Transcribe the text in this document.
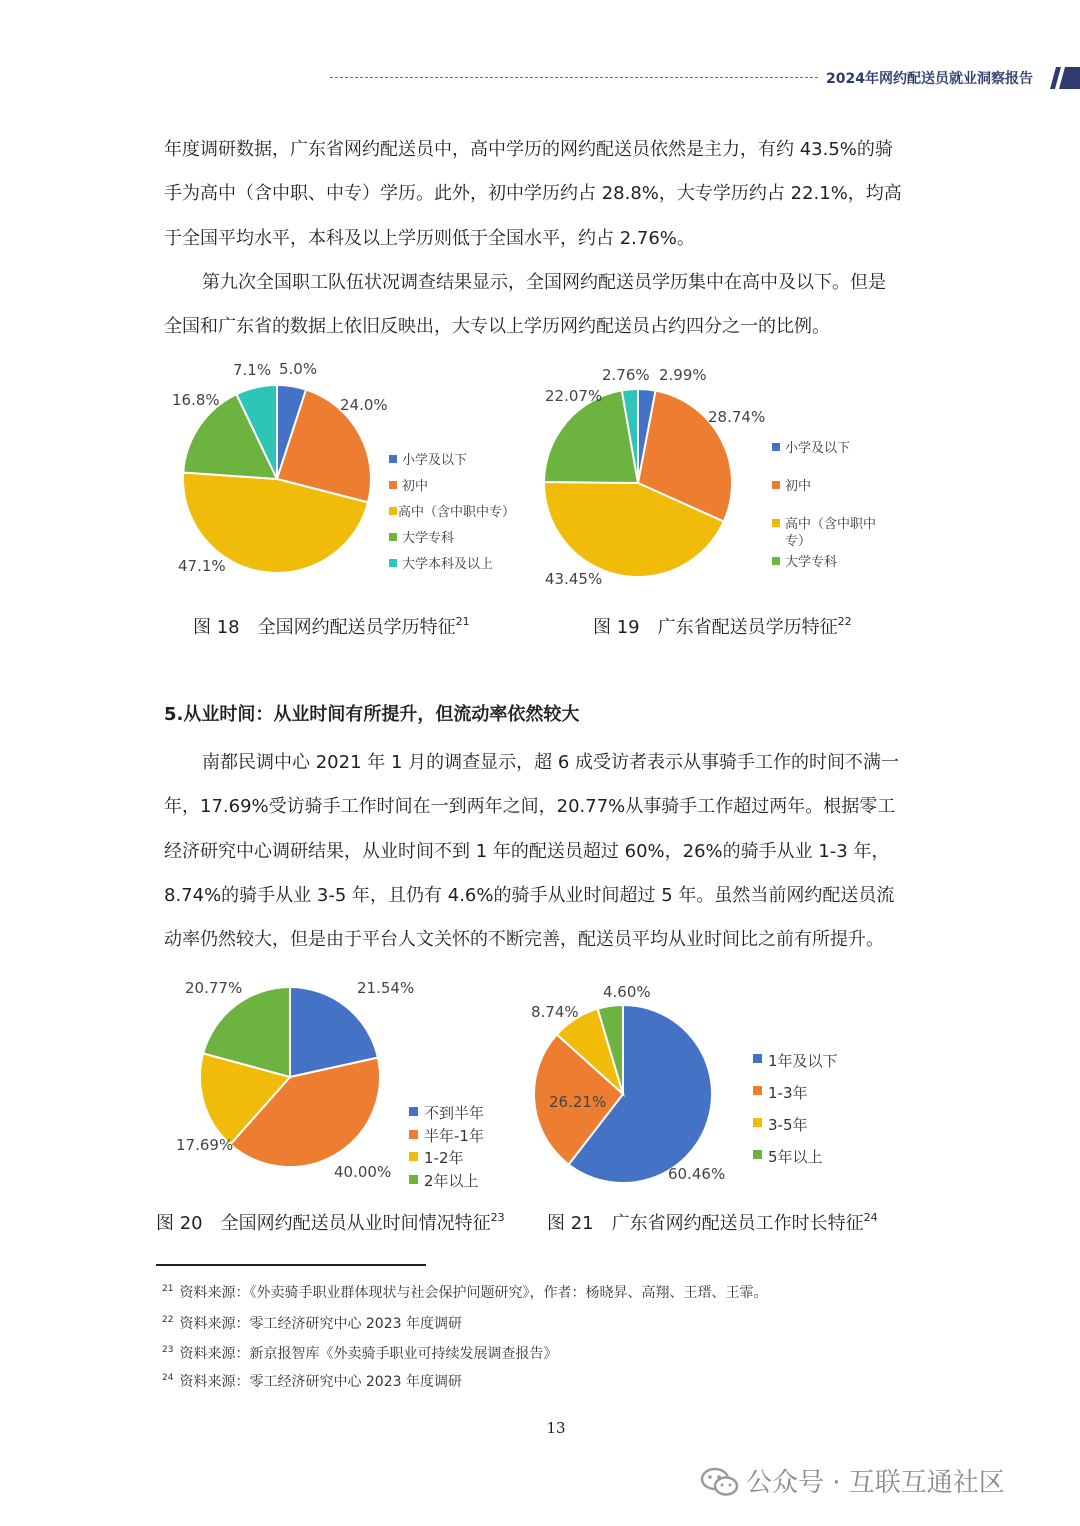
2024年网约配送员就业洞察报告
年度调研数据，广东省网约配送员中，高中学历的网约配送员依然是主力，有约 43.5%的骑
手为高中（含中职、中专）学历。此外，初中学历约占 28.8%，大专学历约占 22.1%，均高
于全国平均水平，本科及以上学历则低于全国水平，约占 2.76%。
第九次全国职工队伍状况调查结果显示，全国网约配送员学历集中在高中及以下。但是
全国和广东省的数据上依旧反映出，大专以上学历网约配送员占约四分之一的比例。
5.0%
24.0%
47.1%
16.8%
7.1%
小学及以下
初中
高中（含中职中专）
大学专科
大学本科及以上
2.99%
28.74%
43.45%
22.07%
2.76%
小学及以下
初中
高中（含中职中
专）
大学专科
图 18　全国网约配送员学历特征$^{21}$	图 19　广东省配送员学历特征$^{22}$
5.从业时间：从业时间有所提升，但流动率依然较大
南都民调中心 2021 年 1 月的调查显示，超 6 成受访者表示从事骑手工作的时间不满一
年，17.69%受访骑手工作时间在一到两年之间，20.77%从事骑手工作超过两年。根据零工
经济研究中心调研结果，从业时间不到 1 年的配送员超过 60%，26%的骑手从业 1-3 年，
8.74%的骑手从业 3-5 年，且仍有 4.6%的骑手从业时间超过 5 年。虽然当前网约配送员流
动率仍然较大，但是由于平台人文关怀的不断完善，配送员平均从业时间比之前有所提升。
21.54%
40.00%
17.69%
20.77%
不到半年
半年-1年
1-2年
2年以上	60.46%
26.21%
8.74%
4.60%
1年及以下
1-3年
3-5年
5年以上
图 20　全国网约配送员从业时间情况特征$^{23}$ 图 21　广东省网约配送员工作时长特征$^{24}$
$^{21}$ 资料来源：《外卖骑手职业群体现状与社会保护问题研究》，作者：杨晓昇、高翔、王瑨、王霏。
$^{22}$ 资料来源：零工经济研究中心 2023 年度调研
$^{23}$ 资料来源：新京报智库《外卖骑手职业可持续发展调查报告》
$^{24}$ 资料来源：零工经济研究中心 2023 年度调研
13
公众号 · 互联互通社区
